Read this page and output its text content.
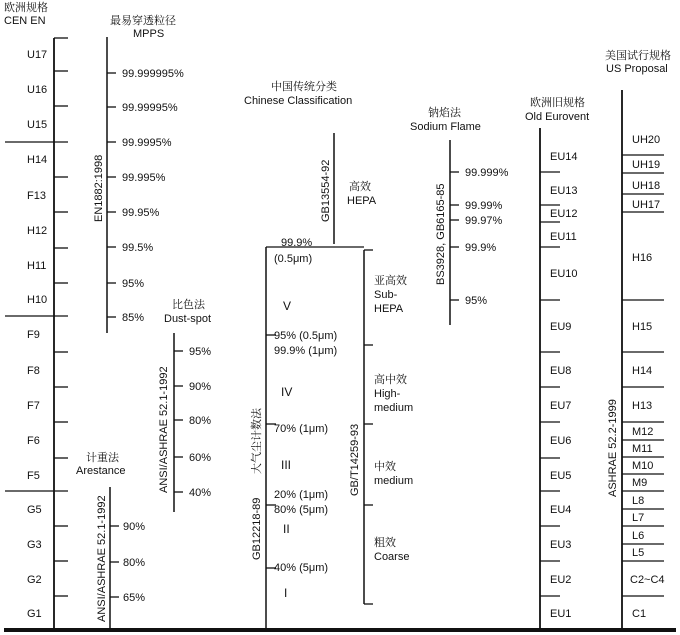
欧洲规格
CEN EN	最易穿透粒径
MPPS
中国传统分类
Chinese Classification
钠焰法
Sodium Flame
欧洲旧规格
Old Eurovent
美国试行规格
US Proposal
比色法
Dust-spot
计重法
Arestance
EN1882:1998
ANSI/ASHRAE 52.1-1992
ANSI/ASHRAE 52.1-1992
GB13554-92
GB12218-89
大气尘计数法	GB/T14259-93
BS3928, GB6165-85
ASHRAE 52.2-1999
U17
U16
U15
H14
F13
H12
H11
H10
F9
F8
F7
F6
F5
G5
G3
G2
G1
99.999995%
99.99995%
99.9995%
99.995%
99.95%
99.5%
95%
85%
95%
90%
80%
60%
40%
90%
80%
65%
99.9%
(0.5μm)
95% (0.5μm)
99.9% (1μm)
70% (1μm)
20% (1μm)
80% (5μm)
40% (5μm)
V
IV
III
II
I
高效
HEPA
亚高效
Sub-
HEPA
高中效
High-
medium
中效
medium
粗效
Coarse
99.999%
99.99%
99.97%
99.9%
95%
EU14
EU13
EU12
EU11
EU10
EU9
EU8
EU7
EU6
EU5
EU4
EU3
EU2
EU1
UH20
UH19
UH18
UH17
H16
H15
H14
H13
M12
M11
M10
M9
L8
L7
L6
L5
C2~C4
C1
